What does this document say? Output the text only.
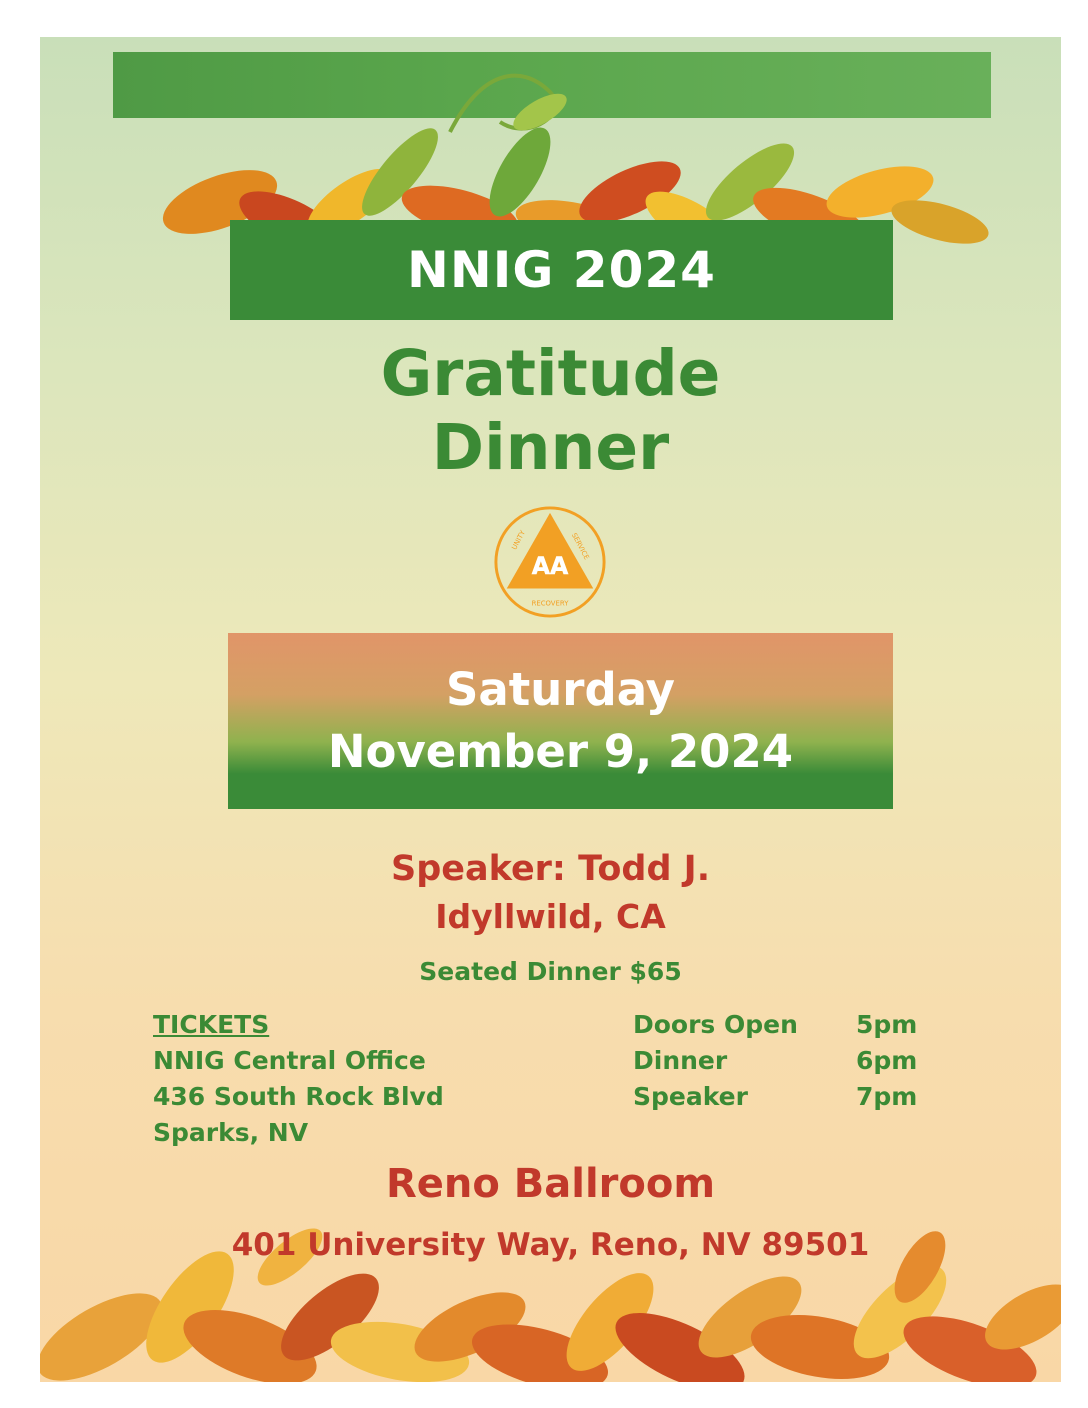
NNIG 2024
Gratitude
Dinner
AA
UNITY	SERVICE
RECOVERY
Saturday
November 9, 2024
Speaker: Todd J.
Idyllwild, CA
Seated Dinner $65
TICKETS
NNIG Central Office
436 South Rock Blvd
Sparks, NV
Doors Open	5pm
Dinner	6pm
Speaker	7pm
Reno Ballroom
401 University Way, Reno, NV 89501
